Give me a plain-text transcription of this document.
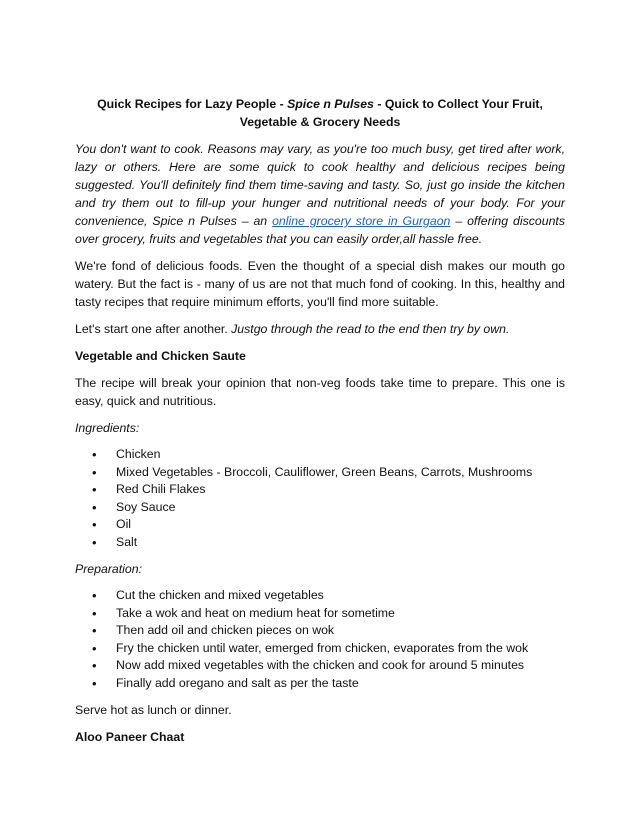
Quick Recipes for Lazy People - Spice n Pulses - Quick to Collect Your Fruit, Vegetable & Grocery Needs

You don't want to cook. Reasons may vary, as you're too much busy, get tired after work, lazy or others. Here are some quick to cook healthy and delicious recipes being suggested. You'll definitely find them time-saving and tasty. So, just go inside the kitchen and try them out to fill-up your hunger and nutritional needs of your body. For your convenience, Spice n Pulses – an online grocery store in Gurgaon – offering discounts over grocery, fruits and vegetables that you can easily order,all hassle free.

We're fond of delicious foods. Even the thought of a special dish makes our mouth go watery. But the fact is - many of us are not that much fond of cooking. In this, healthy and tasty recipes that require minimum efforts, you'll find more suitable.

Let's start one after another. Justgo through the read to the end then try by own.

Vegetable and Chicken Saute

The recipe will break your opinion that non-veg foods take time to prepare. This one is easy, quick and nutritious.

Ingredients:
• Chicken
• Mixed Vegetables - Broccoli, Cauliflower, Green Beans, Carrots, Mushrooms
• Red Chili Flakes
• Soy Sauce
• Oil
• Salt
Preparation:
• Cut the chicken and mixed vegetables
• Take a wok and heat on medium heat for sometime
• Then add oil and chicken pieces on wok
• Fry the chicken until water, emerged from chicken, evaporates from the wok
• Now add mixed vegetables with the chicken and cook for around 5 minutes
• Finally add oregano and salt as per the taste

Serve hot as lunch or dinner.

Aloo Paneer Chaat
